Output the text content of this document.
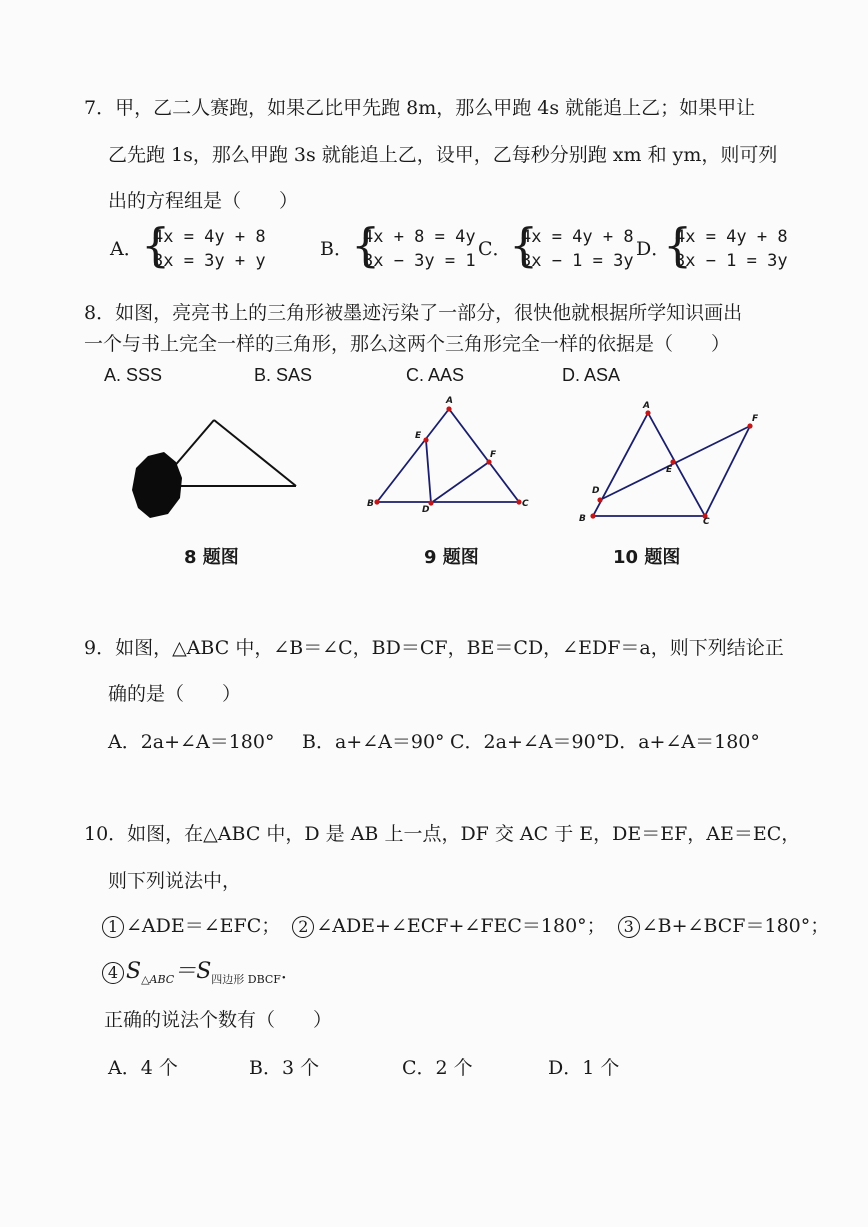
7．甲，乙二人赛跑，如果乙比甲先跑 8m，那么甲跑 4s 就能追上乙；如果甲让
乙先跑 1s，那么甲跑 3s 就能追上乙，设甲，乙每秒分别跑 xm 和 ym，则可列
出的方程组是（　　）
A．
{
4x = 4y + 8
3x = 3y + y
B．
{
4x + 8 = 4y
3x − 3y = 1
C．
{
4x = 4y + 8
3x − 1 = 3y
D．
{
4x = 4y + 8
3x − 1 = 3y
8．如图，亮亮书上的三角形被墨迹污染了一部分，很快他就根据所学知识画出
一个与书上完全一样的三角形，那么这两个三角形完全一样的依据是（　　）
A. SSS	B. SAS	C. AAS	D. ASA
A
B	C
D
E
F
A
B	C
D
E
F
8 题图	9 题图	10 题图
9．如图，△ABC 中，∠B＝∠C，BD＝CF，BE＝CD，∠EDF＝a，则下列结论正
确的是（　　）
A．2a+∠A＝180° B．a+∠A＝90° C．2a+∠A＝90°
D．a+∠A＝180°
10．如图，在△ABC 中，D 是 AB 上一点，DF 交 AC 于 E，DE＝EF，AE＝EC，
则下列说法中，
1 ∠ADE＝∠EFC； 2 ∠ADE+∠ECF+∠FEC＝180°； 3 ∠B+∠BCF＝180°；
4 $S_{\triangle ABC}=S_{四边形 DBCF}$．
正确的说法个数有（　　）
A．4 个	B．3 个	C．2 个	D．1 个
